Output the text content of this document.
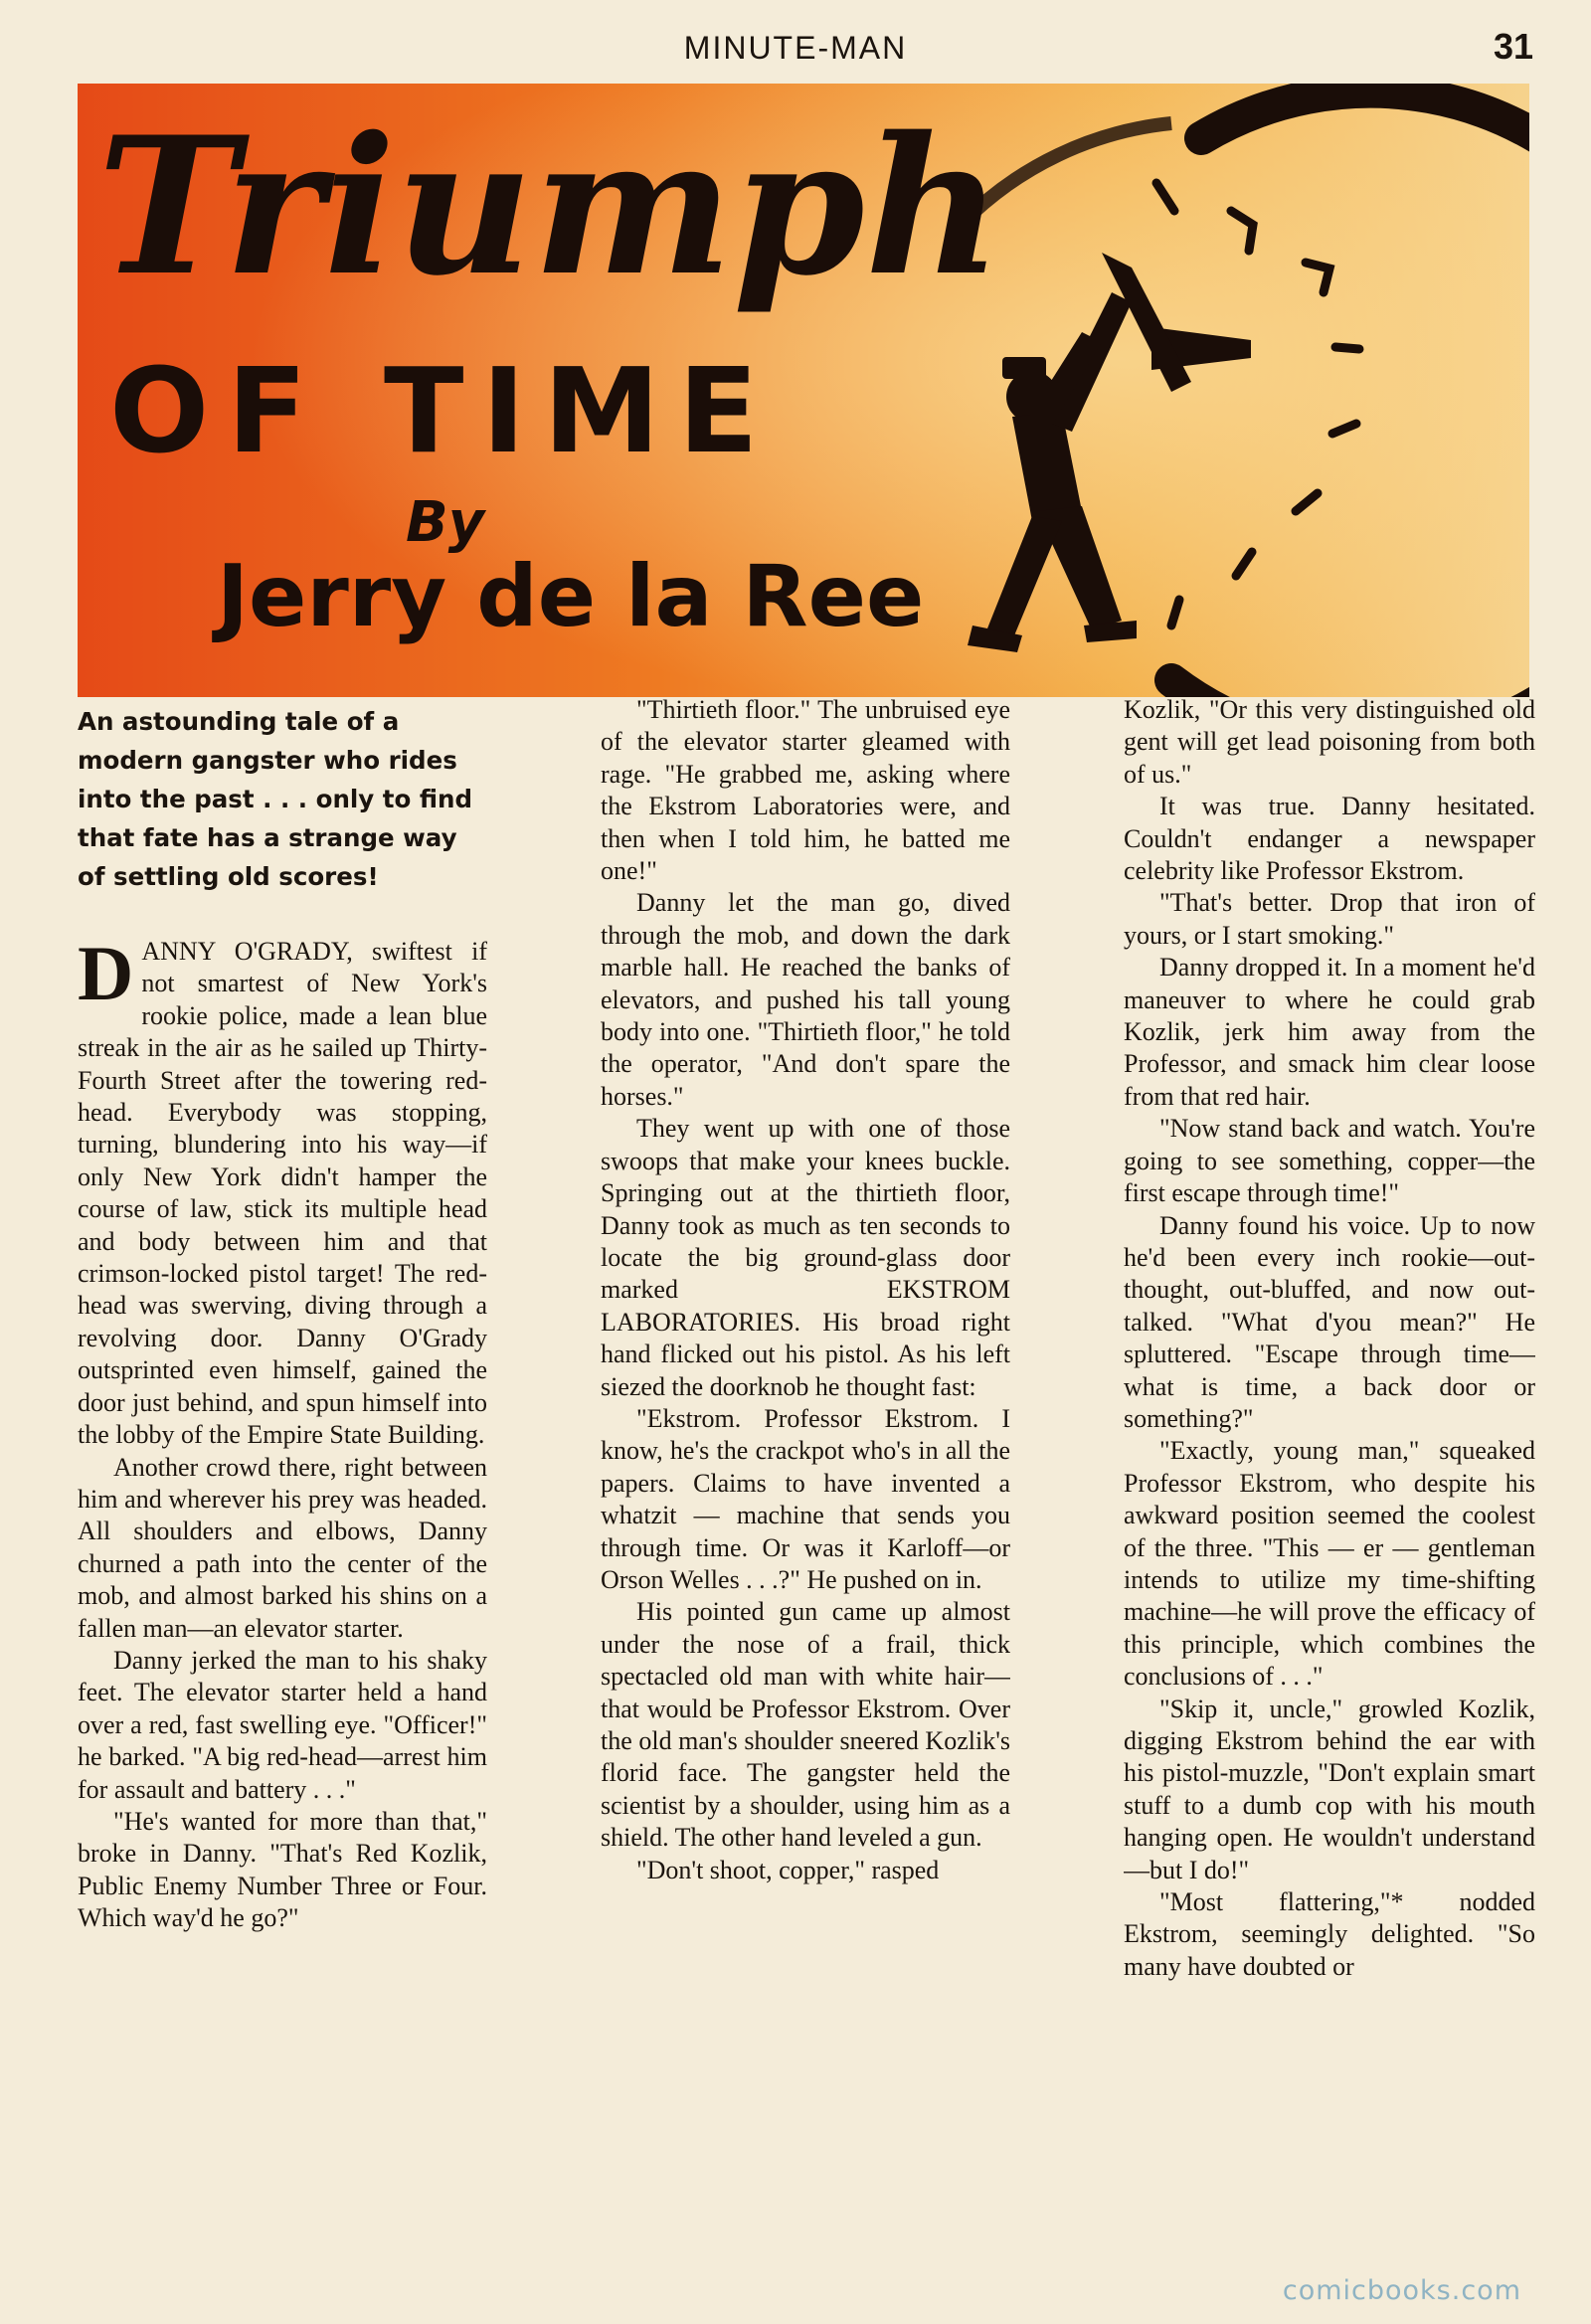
MINUTE-MAN	31
Triumph
OF TIME
By
Jerry de la Ree
An astounding tale of a modern gangster who rides into the past . . . only to find that fate has a strange way of settling old scores!

DANNY O'GRADY, swiftest if not smartest of New York's rookie police, made a lean blue streak in the air as he sailed up Thirty-Fourth Street after the towering red-head. Everybody was stopping, turning, blundering into his way—if only New York didn't hamper the course of law, stick its multiple head and body between him and that crimson-locked pistol target! The red-head was swerving, diving through a revolving door. Danny O'Grady outsprinted even himself, gained the door just behind, and spun himself into the lobby of the Empire State Building.

Another crowd there, right between him and wherever his prey was headed. All shoulders and elbows, Danny churned a path into the center of the mob, and almost barked his shins on a fallen man—an elevator starter.

Danny jerked the man to his shaky feet. The elevator starter held a hand over a red, fast swelling eye. "Officer!" he barked. "A big red-head—arrest him for assault and battery . . ."

"He's wanted for more than that," broke in Danny. "That's Red Kozlik, Public Enemy Number Three or Four. Which way'd he go?"

"Thirtieth floor." The unbruised eye of the elevator starter gleamed with rage. "He grabbed me, asking where the Ekstrom Laboratories were, and then when I told him, he batted me one!"

Danny let the man go, dived through the mob, and down the dark marble hall. He reached the banks of elevators, and pushed his tall young body into one. "Thirtieth floor," he told the operator, "And don't spare the horses."

They went up with one of those swoops that make your knees buckle. Springing out at the thirtieth floor, Danny took as much as ten seconds to locate the big ground-glass door marked EKSTROM LABORATORIES. His broad right hand flicked out his pistol. As his left siezed the doorknob he thought fast:

"Ekstrom. Professor Ekstrom. I know, he's the crackpot who's in all the papers. Claims to have invented a whatzit — machine that sends you through time. Or was it Karloff—or Orson Welles . . .?" He pushed on in.

His pointed gun came up almost under the nose of a frail, thick spectacled old man with white hair—that would be Professor Ekstrom. Over the old man's shoulder sneered Kozlik's florid face. The gangster held the scientist by a shoulder, using him as a shield. The other hand leveled a gun.

"Don't shoot, copper," rasped

Kozlik, "Or this very distinguished old gent will get lead poisoning from both of us."

It was true. Danny hesitated. Couldn't endanger a newspaper celebrity like Professor Ekstrom.

"That's better. Drop that iron of yours, or I start smoking."

Danny dropped it. In a moment he'd maneuver to where he could grab Kozlik, jerk him away from the Professor, and smack him clear loose from that red hair.

"Now stand back and watch. You're going to see something, copper—the first escape through time!"

Danny found his voice. Up to now he'd been every inch rookie—out-thought, out-bluffed, and now out-talked. "What d'you mean?" He spluttered. "Escape through time—what is time, a back door or something?"

"Exactly, young man," squeaked Professor Ekstrom, who despite his awkward position seemed the coolest of the three. "This — er — gentleman intends to utilize my time-shifting machine—he will prove the efficacy of this principle, which combines the conclusions of . . ."

"Skip it, uncle," growled Kozlik, digging Ekstrom behind the ear with his pistol-muzzle, "Don't explain smart stuff to a dumb cop with his mouth hanging open. He wouldn't understand—but I do!"

"Most flattering,"* nodded Ekstrom, seemingly delighted. "So many have doubted or

comicbooks.com
